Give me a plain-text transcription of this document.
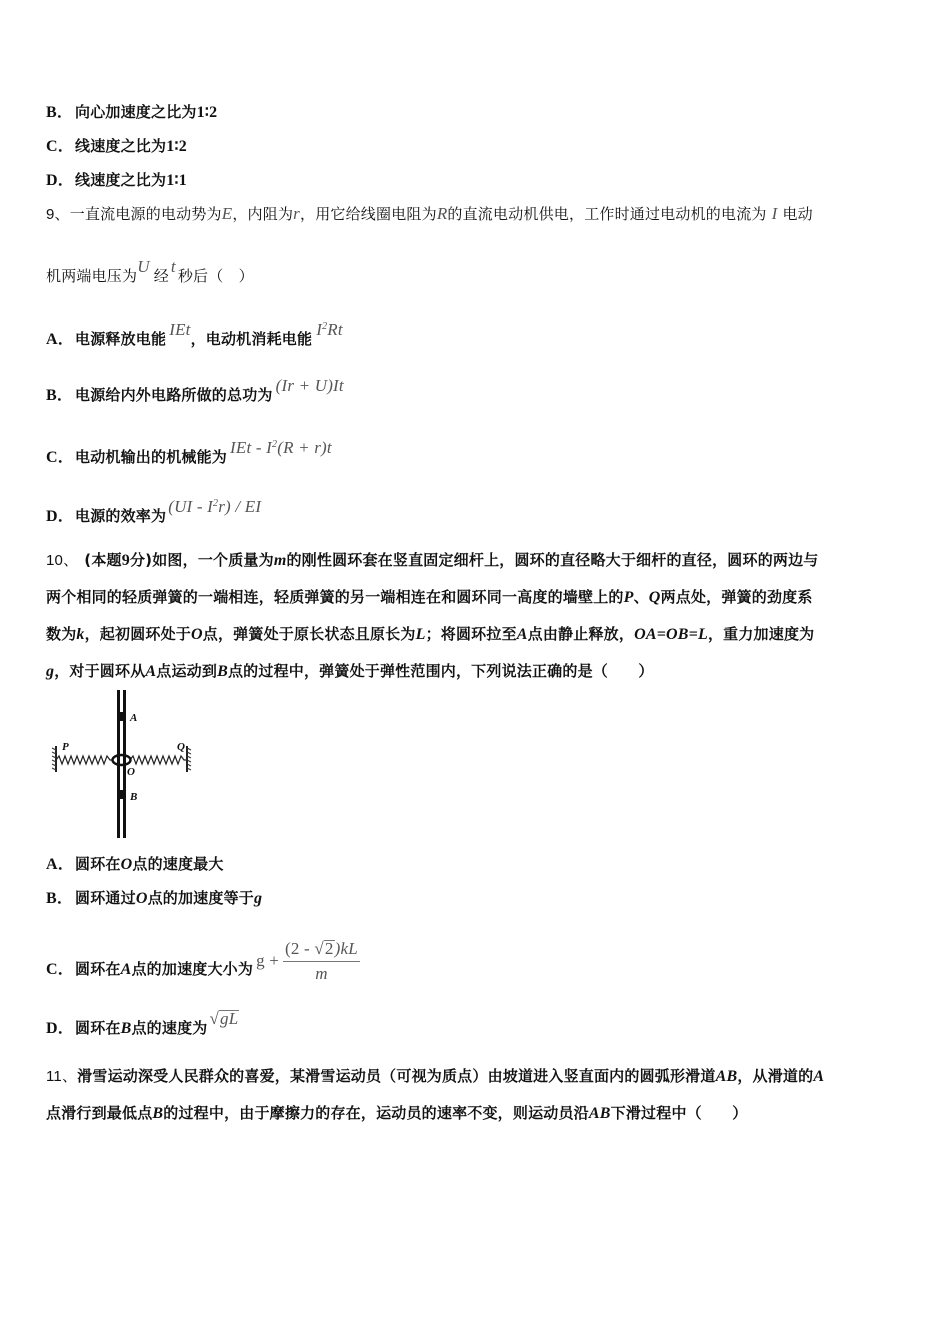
B． 向心加速度之比为1∶2
C．线速度之比为1∶2
D．线速度之比为1∶1
9、一直流电源的电动势为E，内阻为r，用它给线圈电阻为R的直流电动机供电，工作时通过电动机的电流为 I 电动
机两端电压为U 经 t 秒后（　）
A．电源释放电能 IEt，电动机消耗电能 $I^2Rt$
B． 电源给内外电路所做的总功为 (Ir + U)It
C．电动机输出的机械能为 IEt - $I^2(R + r)t$
D．电源的效率为 $(UI - I^2r)$ / EI
10、 (本题9分)如图，一个质量为m的刚性圆环套在竖直固定细杆上，圆环的直径略大于细杆的直径，圆环的两边与
两个相同的轻质弹簧的一端相连，轻质弹簧的另一端相连在和圆环同一高度的墙壁上的P、Q两点处，弹簧的劲度系
数为k，起初圆环处于O点，弹簧处于原长状态且原长为L；将圆环拉至A点由静止释放，OA=OB=L，重力加速度为
g，对于圆环从A点运动到B点的过程中，弹簧处于弹性范围内，下列说法正确的是（　　）
A
B
O
P	Q
A．圆环在O点的速度最大
B． 圆环通过O点的加速度等于g
C．圆环在A点的加速度大小为 $g + \frac{(2 - √2)kL}{m}$
D．圆环在B点的速度为 √gL
11、滑雪运动深受人民群众的喜爱，某滑雪运动员（可视为质点）由坡道进入竖直面内的圆弧形滑道AB，从滑道的A
点滑行到最低点B的过程中，由于摩擦力的存在，运动员的速率不变，则运动员沿AB下滑过程中（　　）
